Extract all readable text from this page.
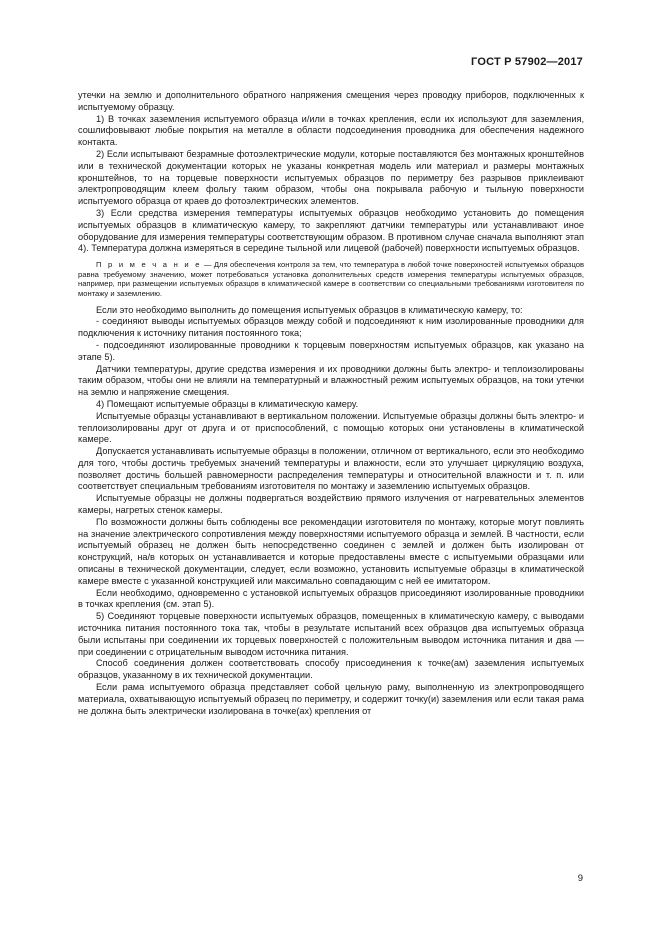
ГОСТ Р 57902—2017

утечки на землю и дополнительного обратного напряжения смещения через проводку приборов, подключенных к испытуемому образцу.

1) В точках заземления испытуемого образца и/или в точках крепления, если их используют для заземления, сошлифовывают любые покрытия на металле в области подсоединения проводника для обеспечения надежного контакта.

2) Если испытывают безрамные фотоэлектрические модули, которые поставляются без монтажных кронштейнов или в технической документации которых не указаны конкретная модель или материал и размеры монтажных кронштейнов, то на торцевые поверхности испытуемых образцов по периметру без разрывов приклеивают электропроводящим клеем фольгу таким образом, чтобы она покрывала рабочую и тыльную поверхности испытуемого образца от краев до фотоэлектрических элементов.

3) Если средства измерения температуры испытуемых образцов необходимо установить до помещения испытуемых образцов в климатическую камеру, то закрепляют датчики температуры или устанавливают иное оборудование для измерения температуры соответствующим образом. В противном случае сначала выполняют этап 4). Температура должна измеряться в середине тыльной или лицевой (рабочей) поверхности испытуемых образцов.

П р и м е ч а н и е — Для обеспечения контроля за тем, что температура в любой точке поверхностей испытуемых образцов равна требуемому значению, может потребоваться установка дополнительных средств измерения температуры испытуемых образцов, например, при размещении испытуемых образцов в климатической камере в соответствии со специальными требованиями изготовителя по монтажу и заземлению.

Если это необходимо выполнить до помещения испытуемых образцов в климатическую камеру, то:

- соединяют выводы испытуемых образцов между собой и подсоединяют к ним изолированные проводники для подключения к источнику питания постоянного тока;

- подсоединяют изолированные проводники к торцевым поверхностям испытуемых образцов, как указано на этапе 5).

Датчики температуры, другие средства измерения и их проводники должны быть электро- и теплоизолированы таким образом, чтобы они не влияли на температурный и влажностный режим испытуемых образцов, на токи утечки на землю и напряжение смещения.

4) Помещают испытуемые образцы в климатическую камеру.

Испытуемые образцы устанавливают в вертикальном положении. Испытуемые образцы должны быть электро- и теплоизолированы друг от друга и от приспособлений, с помощью которых они установлены в климатической камере.

Допускается устанавливать испытуемые образцы в положении, отличном от вертикального, если это необходимо для того, чтобы достичь требуемых значений температуры и влажности, если это улучшает циркуляцию воздуха, позволяет достичь большей равномерности распределения температуры и относительной влажности и т. п. или соответствует специальным требованиям изготовителя по монтажу и заземлению испытуемых образцов.

Испытуемые образцы не должны подвергаться воздействию прямого излучения от нагревательных элементов камеры, нагретых стенок камеры.

По возможности должны быть соблюдены все рекомендации изготовителя по монтажу, которые могут повлиять на значение электрического сопротивления между поверхностями испытуемого образца и землей. В частности, если испытуемый образец не должен быть непосредственно соединен с землей и должен быть изолирован от конструкций, на/в которых он устанавливается и которые предоставлены вместе с испытуемыми образцами или описаны в технической документации, следует, если возможно, установить испытуемые образцы в климатической камере вместе с указанной конструкцией или максимально совпадающим с ней ее имитатором.

Если необходимо, одновременно с установкой испытуемых образцов присоединяют изолированные проводники в точках крепления (см. этап 5).

5) Соединяют торцевые поверхности испытуемых образцов, помещенных в климатическую камеру, с выводами источника питания постоянного тока так, чтобы в результате испытаний всех образцов два испытуемых образца были испытаны при соединении их торцевых поверхностей с положительным выводом источника питания и два — при соединении с отрицательным выводом источника питания.

Способ соединения должен соответствовать способу присоединения к точке(ам) заземления испытуемых образцов, указанному в их технической документации.

Если рама испытуемого образца представляет собой цельную раму, выполненную из электропроводящего материала, охватывающую испытуемый образец по периметру, и содержит точку(и) заземления или если такая рама не должна быть электрически изолирована в точке(ах) крепления от

9
